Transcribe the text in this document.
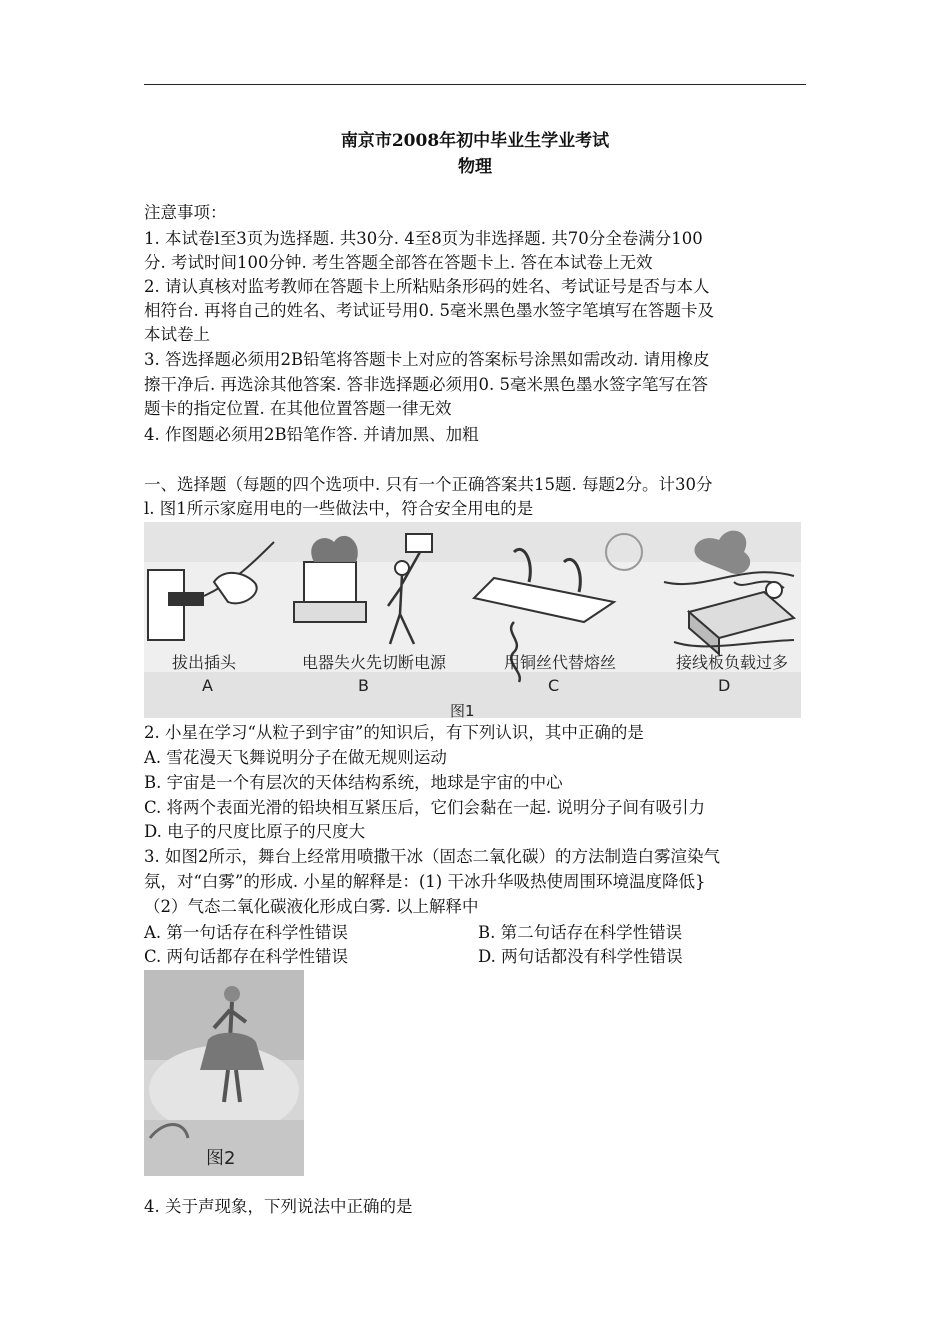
南京市2008年初中毕业生学业考试
物理
注意事项：
1. 本试卷l至3页为选择题. 共30分. 4至8页为非选择题. 共70分全卷满分100
分. 考试时间100分钟. 考生答题全部答在答题卡上. 答在本试卷上无效
2. 请认真核对监考教师在答题卡上所粘贴条形码的姓名、考试证号是否与本人
相符台. 再将自己的姓名、考试证号用0. 5毫米黑色墨水签字笔填写在答题卡及
本试卷上
3. 答选择题必须用2B铅笔将答题卡上对应的答案标号涂黑如需改动. 请用橡皮
擦干净后. 再选涂其他答案. 答非选择题必须用0. 5毫米黑色墨水签字笔写在答
题卡的指定位置. 在其他位置答题一律无效
4. 作图题必须用2B铅笔作答. 并请加黑、加粗
一、选择题（每题的四个选项中. 只有一个正确答案共15题. 每题2分。计30分
l. 图1所示家庭用电的一些做法中，符合安全用电的是
拔出插头	电器失火先切断电源	用铜丝代替熔丝	接线板负载过多
A	B	C	D
图1
2. 小星在学习“从粒子到宇宙”的知识后，有下列认识，其中正确的是
A. 雪花漫天飞舞说明分子在做无规则运动
B. 宇宙是一个有层次的天体结构系统，地球是宇宙的中心
C. 将两个表面光滑的铅块相互紧压后，它们会黏在一起. 说明分子间有吸引力
D. 电子的尺度比原子的尺度大
3. 如图2所示，舞台上经常用喷撒干冰（固态二氧化碳）的方法制造白雾渲染气
氛，对“白雾”的形成. 小星的解释是：(1) 干冰升华吸热使周围环境温度降低}
（2）气态二氧化碳液化形成白雾. 以上解释中
A. 第一句话存在科学性错误	B. 第二句话存在科学性错误
C. 两句话都存在科学性错误	D. 两句话都没有科学性错误
图2
4. 关于声现象，下列说法中正确的是
